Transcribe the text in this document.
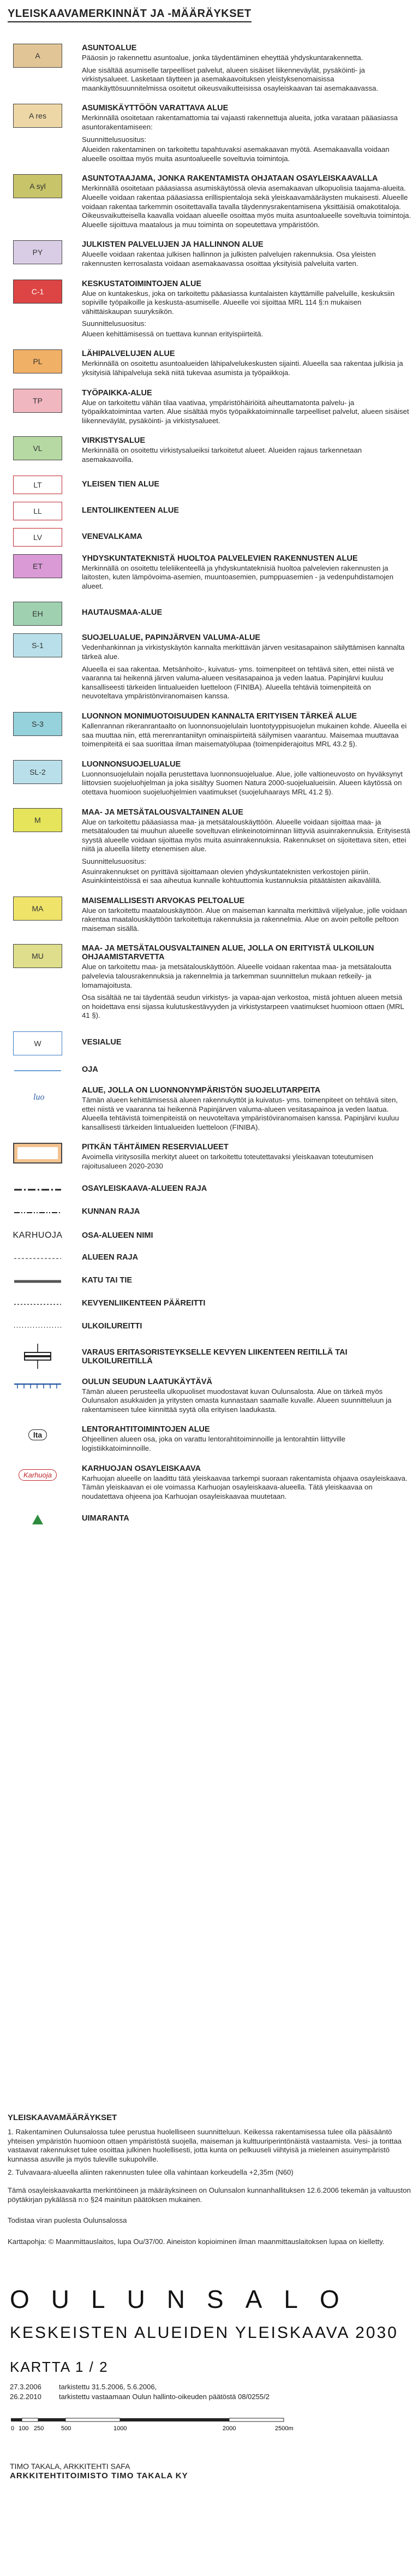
YLEISKAAVAMERKINNÄT JA -MÄÄRÄYKSET
A
ASUNTOALUE

Pääosin jo rakennettu asuntoalue, jonka täydentäminen eheyttää yhdyskuntarakennetta.

Alue sisältää asumiselle tarpeelliset palvelut, alueen sisäiset liikenneväylät, pysäköinti- ja virkistysalueet. Lasketaan täytteen ja asemakaavoituksen yleistyksenomaisissa maankäyttösuunnitelmissa osoitetut oikeusvaikutteisissa osayleiskaavan tai asemakaavassa.

A res
ASUMISKÄYTTÖÖN VARATTAVA ALUE

Merkinnällä osoitetaan rakentamattomia tai vajaasti rakennettuja alueita, jotka varataan pääasiassa asuntorakentamiseen:

Suunnittelusuositus:

Alueiden rakentaminen on tarkoitettu tapahtuvaksi asemakaavan myötä. Asemakaavalla voidaan alueelle osoittaa myös muita asuntoalueelle soveltuvia toimintoja.

A syl
ASUNTOTAAJAMA, JONKA RAKENTAMISTA OHJATAAN OSAYLEISKAAVALLA

Merkinnällä osoitetaan pääasiassa asumiskäytössä olevia asemakaavan ulkopuolisia taajama-alueita. Alueelle voidaan rakentaa pääasiassa erillispientaloja sekä yleiskaavamääräysten mukaisesti. Alueelle voidaan rakentaa tarkemmin osoitettavalla tavalla täydennysrakentamisena yksittäisiä omakotitaloja. Oikeusvaikutteisella kaavalla voidaan alueelle osoittaa myös muita asuntoalueelle soveltuvia toimintoja. Alueelle sijoittuva maatalous ja muu toiminta on sopeutettava ympäristöön.

PY
JULKISTEN PALVELUJEN JA HALLINNON ALUE

Alueelle voidaan rakentaa julkisen hallinnon ja julkisten palvelujen rakennuksia. Osa yleisten rakennusten kerrosalasta voidaan asemakaavassa osoittaa yksityisiä palveluita varten.

C-1
KESKUSTATOIMINTOJEN ALUE

Alue on kuntakeskus, joka on tarkoitettu pääasiassa kuntalaisten käyttämille palveluille, keskuksiin sopiville työpaikoille ja keskusta-asumiselle. Alueelle voi sijoittaa MRL 114 §:n mukaisen vähittäiskaupan suuryksikön.

Suunnittelusuositus:

Alueen kehittämisessä on tuettava kunnan erityispiirteitä.

PL
LÄHIPALVELUJEN ALUE

Merkinnällä on osoitettu asuntoalueiden lähipalvelukeskusten sijainti. Alueella saa rakentaa julkisia ja yksityisiä lähipalveluja sekä niitä tukevaa asumista ja työpaikkoja.

TP
TYÖPAIKKA-ALUE

Alue on tarkoitettu vähän tilaa vaativaa, ympäristöhäiriöitä aiheuttamatonta palvelu- ja työpaikkatoimintaa varten. Alue sisältää myös työpaikkatoiminnalle tarpeelliset palvelut, alueen sisäiset liikenneväylät, pysäköinti- ja virkistysalueet.

VL
VIRKISTYSALUE

Merkinnällä on osoitettu virkistysalueiksi tarkoitetut alueet. Alueiden rajaus tarkennetaan asemakaavoilla.

LT	YLEISEN TIEN ALUE
LL	LENTOLIIKENTEEN ALUE
LV	VENEVALKAMA
ET
YHDYSKUNTATEKNISTÄ HUOLTOA PALVELEVIEN RAKENNUSTEN ALUE

Merkinnällä on osoitettu teleliikenteellä ja yhdyskuntateknisiä huoltoa palvelevien rakennusten ja laitosten, kuten lämpövoima-asemien, muuntoasemien, pumppuasemien - ja vedenpuhdistamojen alueet.

EH	HAUTAUSMAA-ALUE
S-1
SUOJELUALUE, PAPINJÄRVEN VALUMA-ALUE

Vedenhankinnan ja virkistyskäytön kannalta merkittävän järven vesitasapainon säilyttämisen kannalta tärkeä alue.

Alueella ei saa rakentaa. Metsänhoito-, kuivatus- yms. toimenpiteet on tehtävä siten, ettei niistä ve vaaranna tai heikennä järven valuma-alueen vesitasapainoa ja veden laatua. Papinjärvi kuuluu kansalliseesti tärkeiden lintualueiden luetteloon (FINIBA). Alueella tehtäviä toimenpiteitä on neuvoteltava ympäristönviranomaisen kanssa.

S-3
LUONNON MONIMUOTOISUUDEN KANNALTA ERITYISEN TÄRKEÄ ALUE

Kallenrannan rikeranrantaalto on luonnonsuojelulain luontotyyppisuojelun mukainen kohde. Alueella ei saa muuttaa niin, että merenrantaniityn ominaispiirteitä säilymisen vaarantuu. Maisemaa muuttavaa toimenpiteitä ei saa suorittaa ilman maisematyölupaa (toimenpiderajoitus MRL 43.2 §).

SL-2
LUONNONSUOJELUALUE

Luonnonsuojelulain nojalla perustettava luonnonsuojelualue. Alue, jolle valtioneuvosto on hyväksynyt liittovsien suojeluohjelman ja joka sisältyy Suomen Natura 2000-suojelualueisiin. Alueen käytössä on otettava huomioon suojeluohjelmien vaatimukset (suojeluhaarays MRL 41.2 §).

M
MAA- JA METSÄTALOUSVALTAINEN ALUE

Alue on tarkoitettu pääasiassa maa- ja metsätalouskäyttöön. Alueelle voidaan sijoittaa maa- ja metsätalouden tai muuhun alueelle soveltuvan elinkeinotoiminnan liittyviä asuinrakennuksia. Erityisestä syystä alueelle voidaan sijoittaa myös muita asuinrakennuksia. Rakennukset on sijoitettava siten, ettei niitä ja alueella liitetty etenemisen alue.

Suunnittelusuositus:

Asuinrakennukset on pyrittävä sijoittamaan olevien yhdyskuntateknisten verkostojen piiriin. Asuinkiinteistöissä ei saa aiheutua kunnalle kohtuuttomia kustannuksia pitäätäisten aikavälillä.

MA
MAISEMALLISESTI ARVOKAS PELTOALUE

Alue on tarkoitettu maatalouskäyttöön. Alue on maiseman kannalta merkittävä viljelyalue, jolle voidaan rakentaa maatalouskäyttöön tarkoitettuja rakennuksia ja rakennelmia. Alue on avoin peltolle peltoon maiseman sisällä.

MU
MAA- JA METSÄTALOUSVALTAINEN ALUE, JOLLA ON ERITYISTÄ ULKOILUN OHJAAMISTARVETTA

Alue on tarkoitettu maa- ja metsätalouskäyttöön. Alueelle voidaan rakentaa maa- ja metsätaloutta palvelevia talousrakennuksia ja rakennelmia ja tarkemman suunnittelun mukaan retkeily- ja lomamajoitusta.

Osa sisältää ne tai täydentää seudun virkistys- ja vapaa-ajan verkostoa, mistä johtuen alueen metsiä on hoidettava ensi sijassa kulutuskestävyyden ja virkistystarpeen vaatimukset huomioon ottaen (MRL 41 §).

W	VESIALUE
OJA
luo
ALUE, JOLLA ON LUONNONYMPÄRISTÖN SUOJELUTARPEITA

Tämän alueen kehittämisessä alueen rakennukyttöt ja kuivatus- yms. toimenpiteet on tehtävä siten, ettei niistä ve vaaranna tai heikennä Papinjärven valuma-alueen vesitasapainoa ja veden laatua. Alueella tehtävistä toimenpiteistä on neuvoteltava ympäristöviranomaisen kanssa. Papinjärvi kuuluu kansallisesti tärkeiden lintualueiden luetteloon (FINIBA).

PITKÄN TÄHTÄIMEN RESERVIALUEET

Avoimella viritysosilla merkityt alueet on tarkoitettu toteutettavaksi yleiskaavan toteutumisen rajoitusalueen 2020-2030

OSAYLEISKAAVA-ALUEEN RAJA
KUNNAN RAJA
KARHUOJA OSA-ALUEEN NIMI
ALUEEN RAJA
KATU TAI TIE
KEVYENLIIKENTEEN PÄÄREITTI
ULKOILUREITTI
VARAUS ERITASORISTEYKSELLE KEVYEN LIIKENTEEN REITILLÄ TAI ULKOILUREITILLÄ
OULUN SEUDUN LAATUKÄYTÄVÄ

Tämän alueen perusteella ulkopuoliset muodostavat kuvan Oulunsalosta. Alue on tärkeä myös Oulunsalon asukkaiden ja yritysten omasta kunnastaan saamalle kuvalle. Alueen suunnitteluun ja rakentamiseen tulee kiinnittää syytä olla erityisen laadukasta.

lta
LENTORAHTITOIMINTOJEN ALUE

Ohjeellinen alueen osa, joka on varattu lentorahtitoiminnoille ja lentorahtiin liittyville logistiikkatoiminnoille.

Karhuoja
KARHUOJAN OSAYLEISKAAVA

Karhuojan alueelle on laadittu tätä yleiskaavaa tarkempi suoraan rakentamista ohjaava osayleiskaava. Tämän yleiskaavan ei ole voimassa Karhuojan osayleiskaava-alueella. Tätä yleiskaavaa on noudatettava ohjeena joa Karhuojan osayleiskaavaa muutetaan.

UIMARANTA
YLEISKAAVAMÄÄRÄYKSET

1. Rakentaminen Oulunsalossa tulee perustua huolelliseen suunnitteluun. Keikessa rakentamisessa tulee olla pääsääntö yhteisen ympäristön huomioon ottaen ympäristöstä suojella, maiseman ja kulttuuriperintönäistä vastaamista. Vesi- ja tonttaa vastaavat rakennukset tulee osoittaa julkinen huolellisesti, jotta kunta on pelkuuseli viihtyisä ja mieleinen asuinympäristö kunnassa asuville ja myös tuleville sukupolville.

2. Tulvavaara-alueella aliinten rakennusten tulee olla vahintaan korkeudella +2,35m (N60)

Tämä osayleiskaavakartta merkintöineen ja määräyksineen on Oulunsalon kunnanhallituksen 12.6.2006 tekemän ja valtuuston pöytäkirjan pykälässä n:o §24 mainitun päätöksen mukainen.

Todistaa viran puolesta Oulunsalossa

Karttapohja: © Maanmittauslaitos, lupa Ou/37/00. Aineiston kopioiminen ilman maanmittauslaitoksen lupaa on kielletty.

OULUNSALO
KESKEISTEN ALUEIDEN YLEISKAAVA 2030
KARTTA 1 / 2
27.3.2006 tarkistettu 31.5.2006, 5.6.2006,
26.2.2010 tarkistettu vastaamaan Oulun hallinto-oikeuden päätöstä 08/0255/2
0 100 250	500	1000	2000	2500m
TIMO TAKALA, ARKKITEHTI SAFA
ARKKITEHTITOIMISTO TIMO TAKALA KY
